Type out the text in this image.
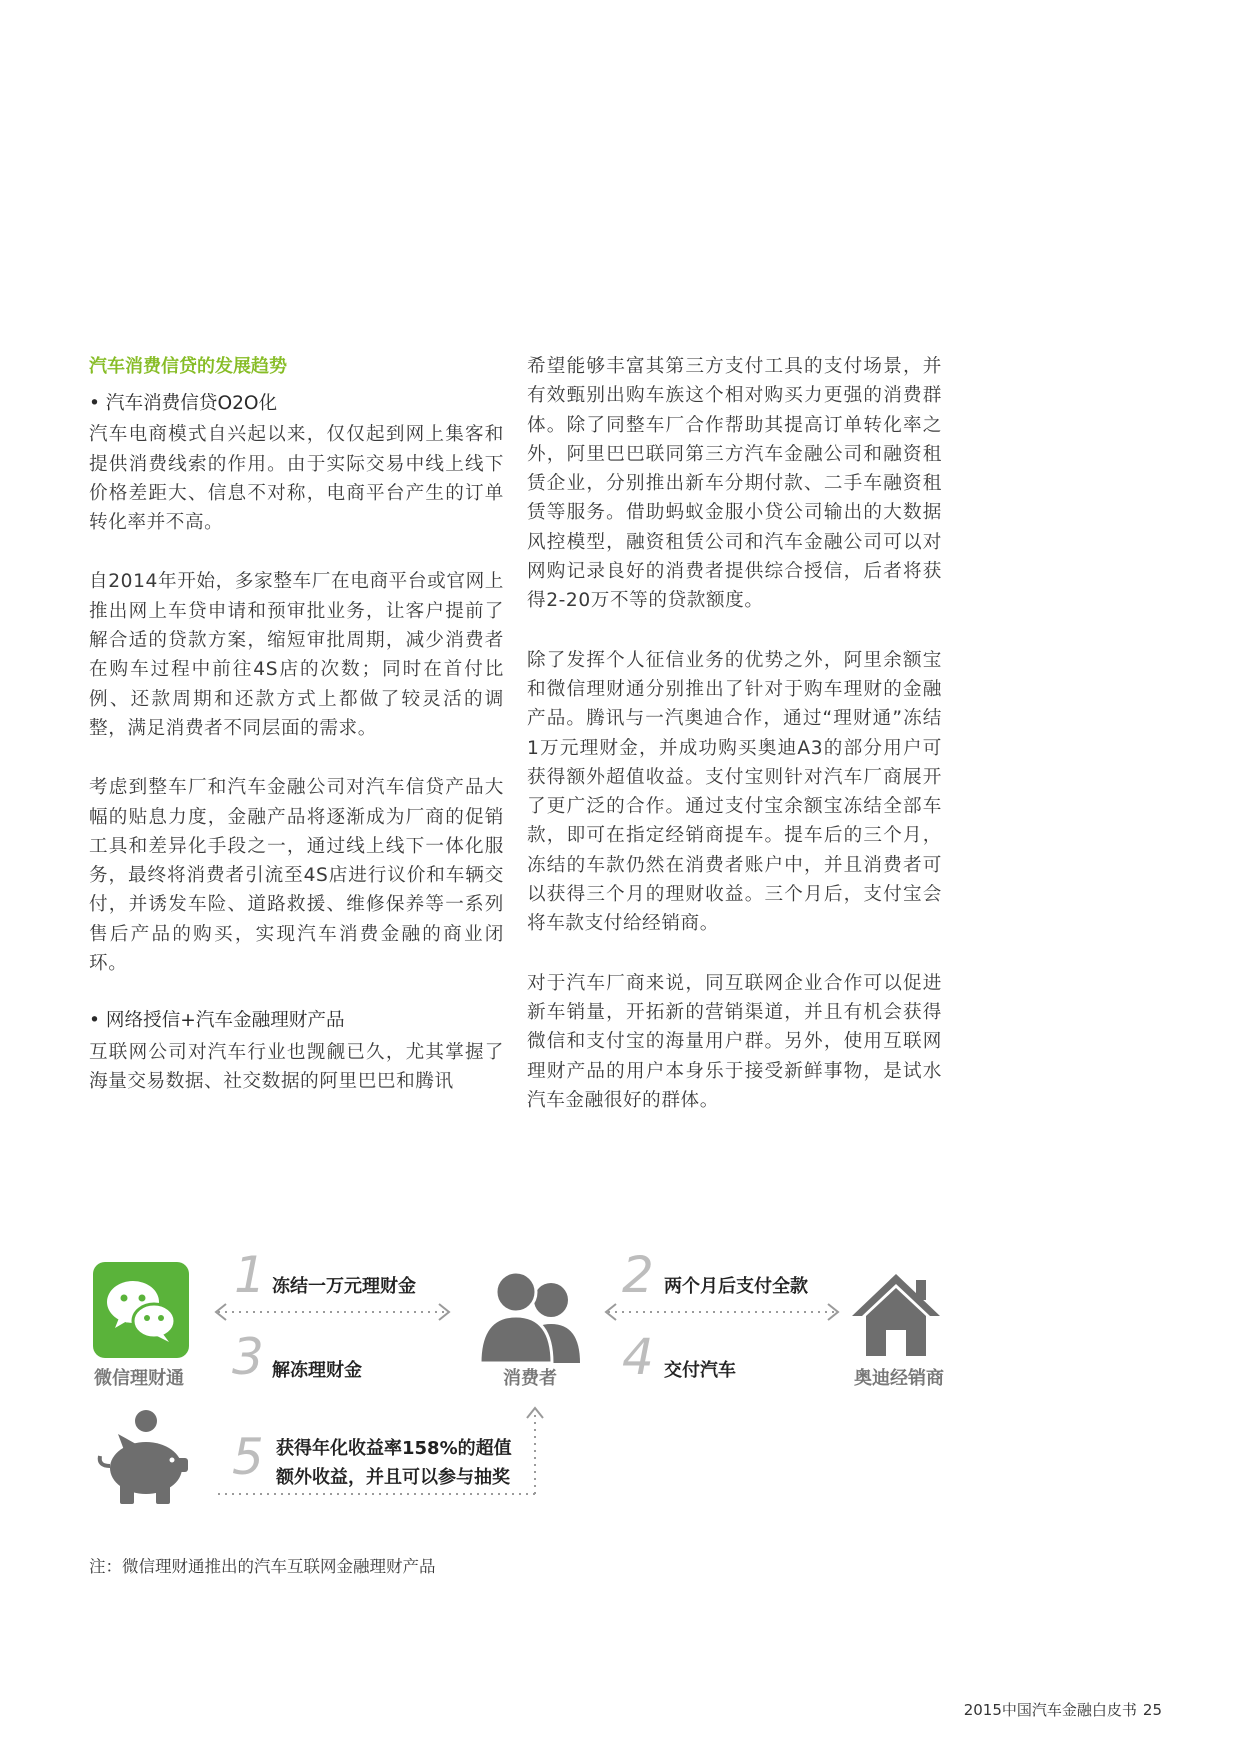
汽车消费信贷的发展趋势

• 汽车消费信贷O2O化

汽车电商模式自兴起以来，仅仅起到网上集客和提供消费线索的作用。由于实际交易中线上线下价格差距大、信息不对称，电商平台产生的订单转化率并不高。

自2014年开始，多家整车厂在电商平台或官网上推出网上车贷申请和预审批业务，让客户提前了解合适的贷款方案，缩短审批周期，减少消费者在购车过程中前往4S店的次数；同时在首付比例、还款周期和还款方式上都做了较灵活的调整，满足消费者不同层面的需求。

考虑到整车厂和汽车金融公司对汽车信贷产品大幅的贴息力度，金融产品将逐渐成为厂商的促销工具和差异化手段之一，通过线上线下一体化服务，最终将消费者引流至4S店进行议价和车辆交付，并诱发车险、道路救援、维修保养等一系列售后产品的购买，实现汽车消费金融的商业闭环。

• 网络授信+汽车金融理财产品

互联网公司对汽车行业也觊觎已久，尤其掌握了海量交易数据、社交数据的阿里巴巴和腾讯

希望能够丰富其第三方支付工具的支付场景，并有效甄别出购车族这个相对购买力更强的消费群体。除了同整车厂合作帮助其提高订单转化率之外，阿里巴巴联同第三方汽车金融公司和融资租赁企业，分别推出新车分期付款、二手车融资租赁等服务。借助蚂蚁金服小贷公司输出的大数据风控模型，融资租赁公司和汽车金融公司可以对网购记录良好的消费者提供综合授信，后者将获得2-20万不等的贷款额度。

除了发挥个人征信业务的优势之外，阿里余额宝和微信理财通分别推出了针对于购车理财的金融产品。腾讯与一汽奥迪合作，通过“理财通”冻结1万元理财金，并成功购买奥迪A3的部分用户可获得额外超值收益。支付宝则针对汽车厂商展开了更广泛的合作。通过支付宝余额宝冻结全部车款，即可在指定经销商提车。提车后的三个月，冻结的车款仍然在消费者账户中，并且消费者可以获得三个月的理财收益。三个月后，支付宝会将车款支付给经销商。

对于汽车厂商来说，同互联网企业合作可以促进新车销量，开拓新的营销渠道，并且有机会获得微信和支付宝的海量用户群。另外，使用互联网理财产品的用户本身乐于接受新鲜事物，是试水汽车金融很好的群体。

微信理财通	消费者	奥迪经销商
1 冻结一万元理财金	2 两个月后支付全款
3 解冻理财金	4 交付汽车
5 获得年化收益率158%的超值
额外收益，并且可以参与抽奖
注：微信理财通推出的汽车互联网金融理财产品
2015中国汽车金融白皮书 25
